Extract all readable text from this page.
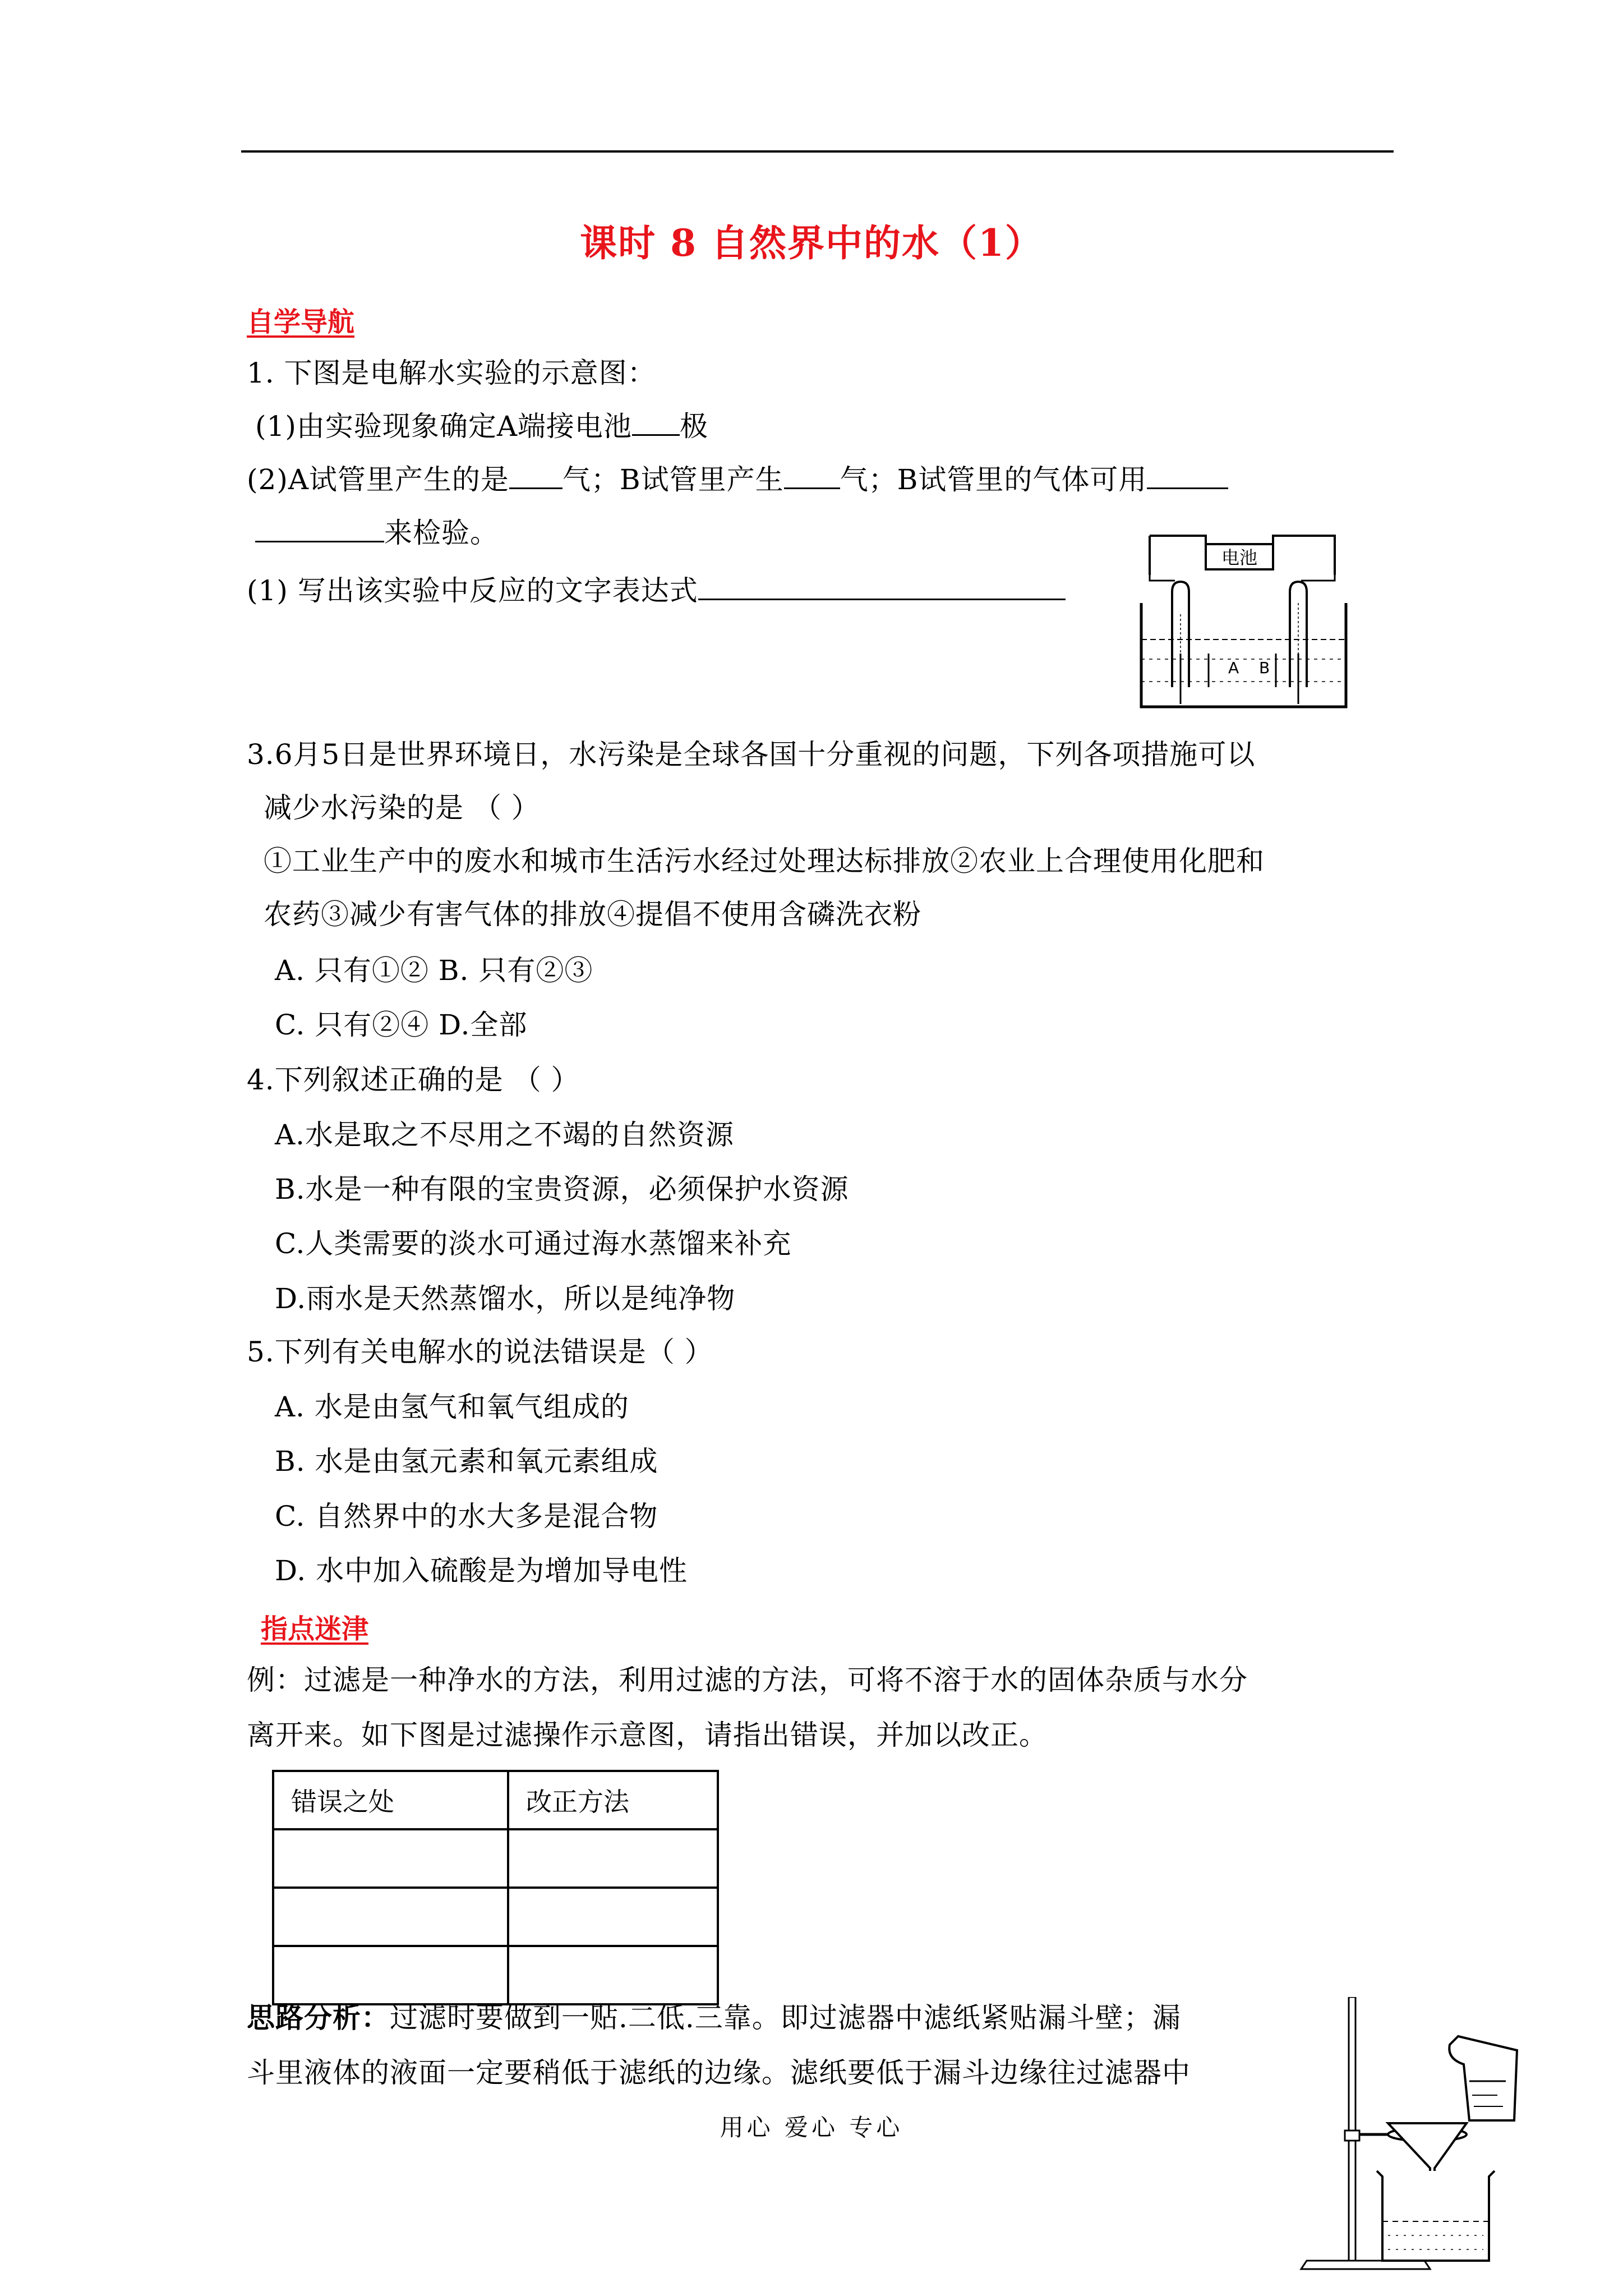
课时 8 自然界中的水（1）
自学导航
1. 下图是电解水实验的示意图：
(1)由实验现象确定A端接电池 极
(2)A试管里产生的是 气；B试管里产生 气；B试管里的气体可用
来检验。
(1) 写出该实验中反应的文字表达式
电池
A B
3.6月5日是世界环境日，水污染是全球各国十分重视的问题，下列各项措施可以
减少水污染的是 （ ）
①工业生产中的废水和城市生活污水经过处理达标排放②农业上合理使用化肥和
农药③减少有害气体的排放④提倡不使用含磷洗衣粉
A. 只有①② B. 只有②③
C. 只有②④ D.全部
4.下列叙述正确的是 （ ）
A.水是取之不尽用之不竭的自然资源
B.水是一种有限的宝贵资源，必须保护水资源
C.人类需要的淡水可通过海水蒸馏来补充
D.雨水是天然蒸馏水，所以是纯净物
5.下列有关电解水的说法错误是（ ）
A. 水是由氢气和氧气组成的
B. 水是由氢元素和氧元素组成
C. 自然界中的水大多是混合物
D. 水中加入硫酸是为增加导电性
指点迷津
例：过滤是一种净水的方法，利用过滤的方法，可将不溶于水的固体杂质与水分
离开来。如下图是过滤操作示意图，请指出错误，并加以改正。
错误之处	改正方法

思路分析：过滤时要做到一贴.二低.三靠。即过滤器中滤纸紧贴漏斗壁；漏
斗里液体的液面一定要稍低于滤纸的边缘。滤纸要低于漏斗边缘往过滤器中
用心 爱心 专心
